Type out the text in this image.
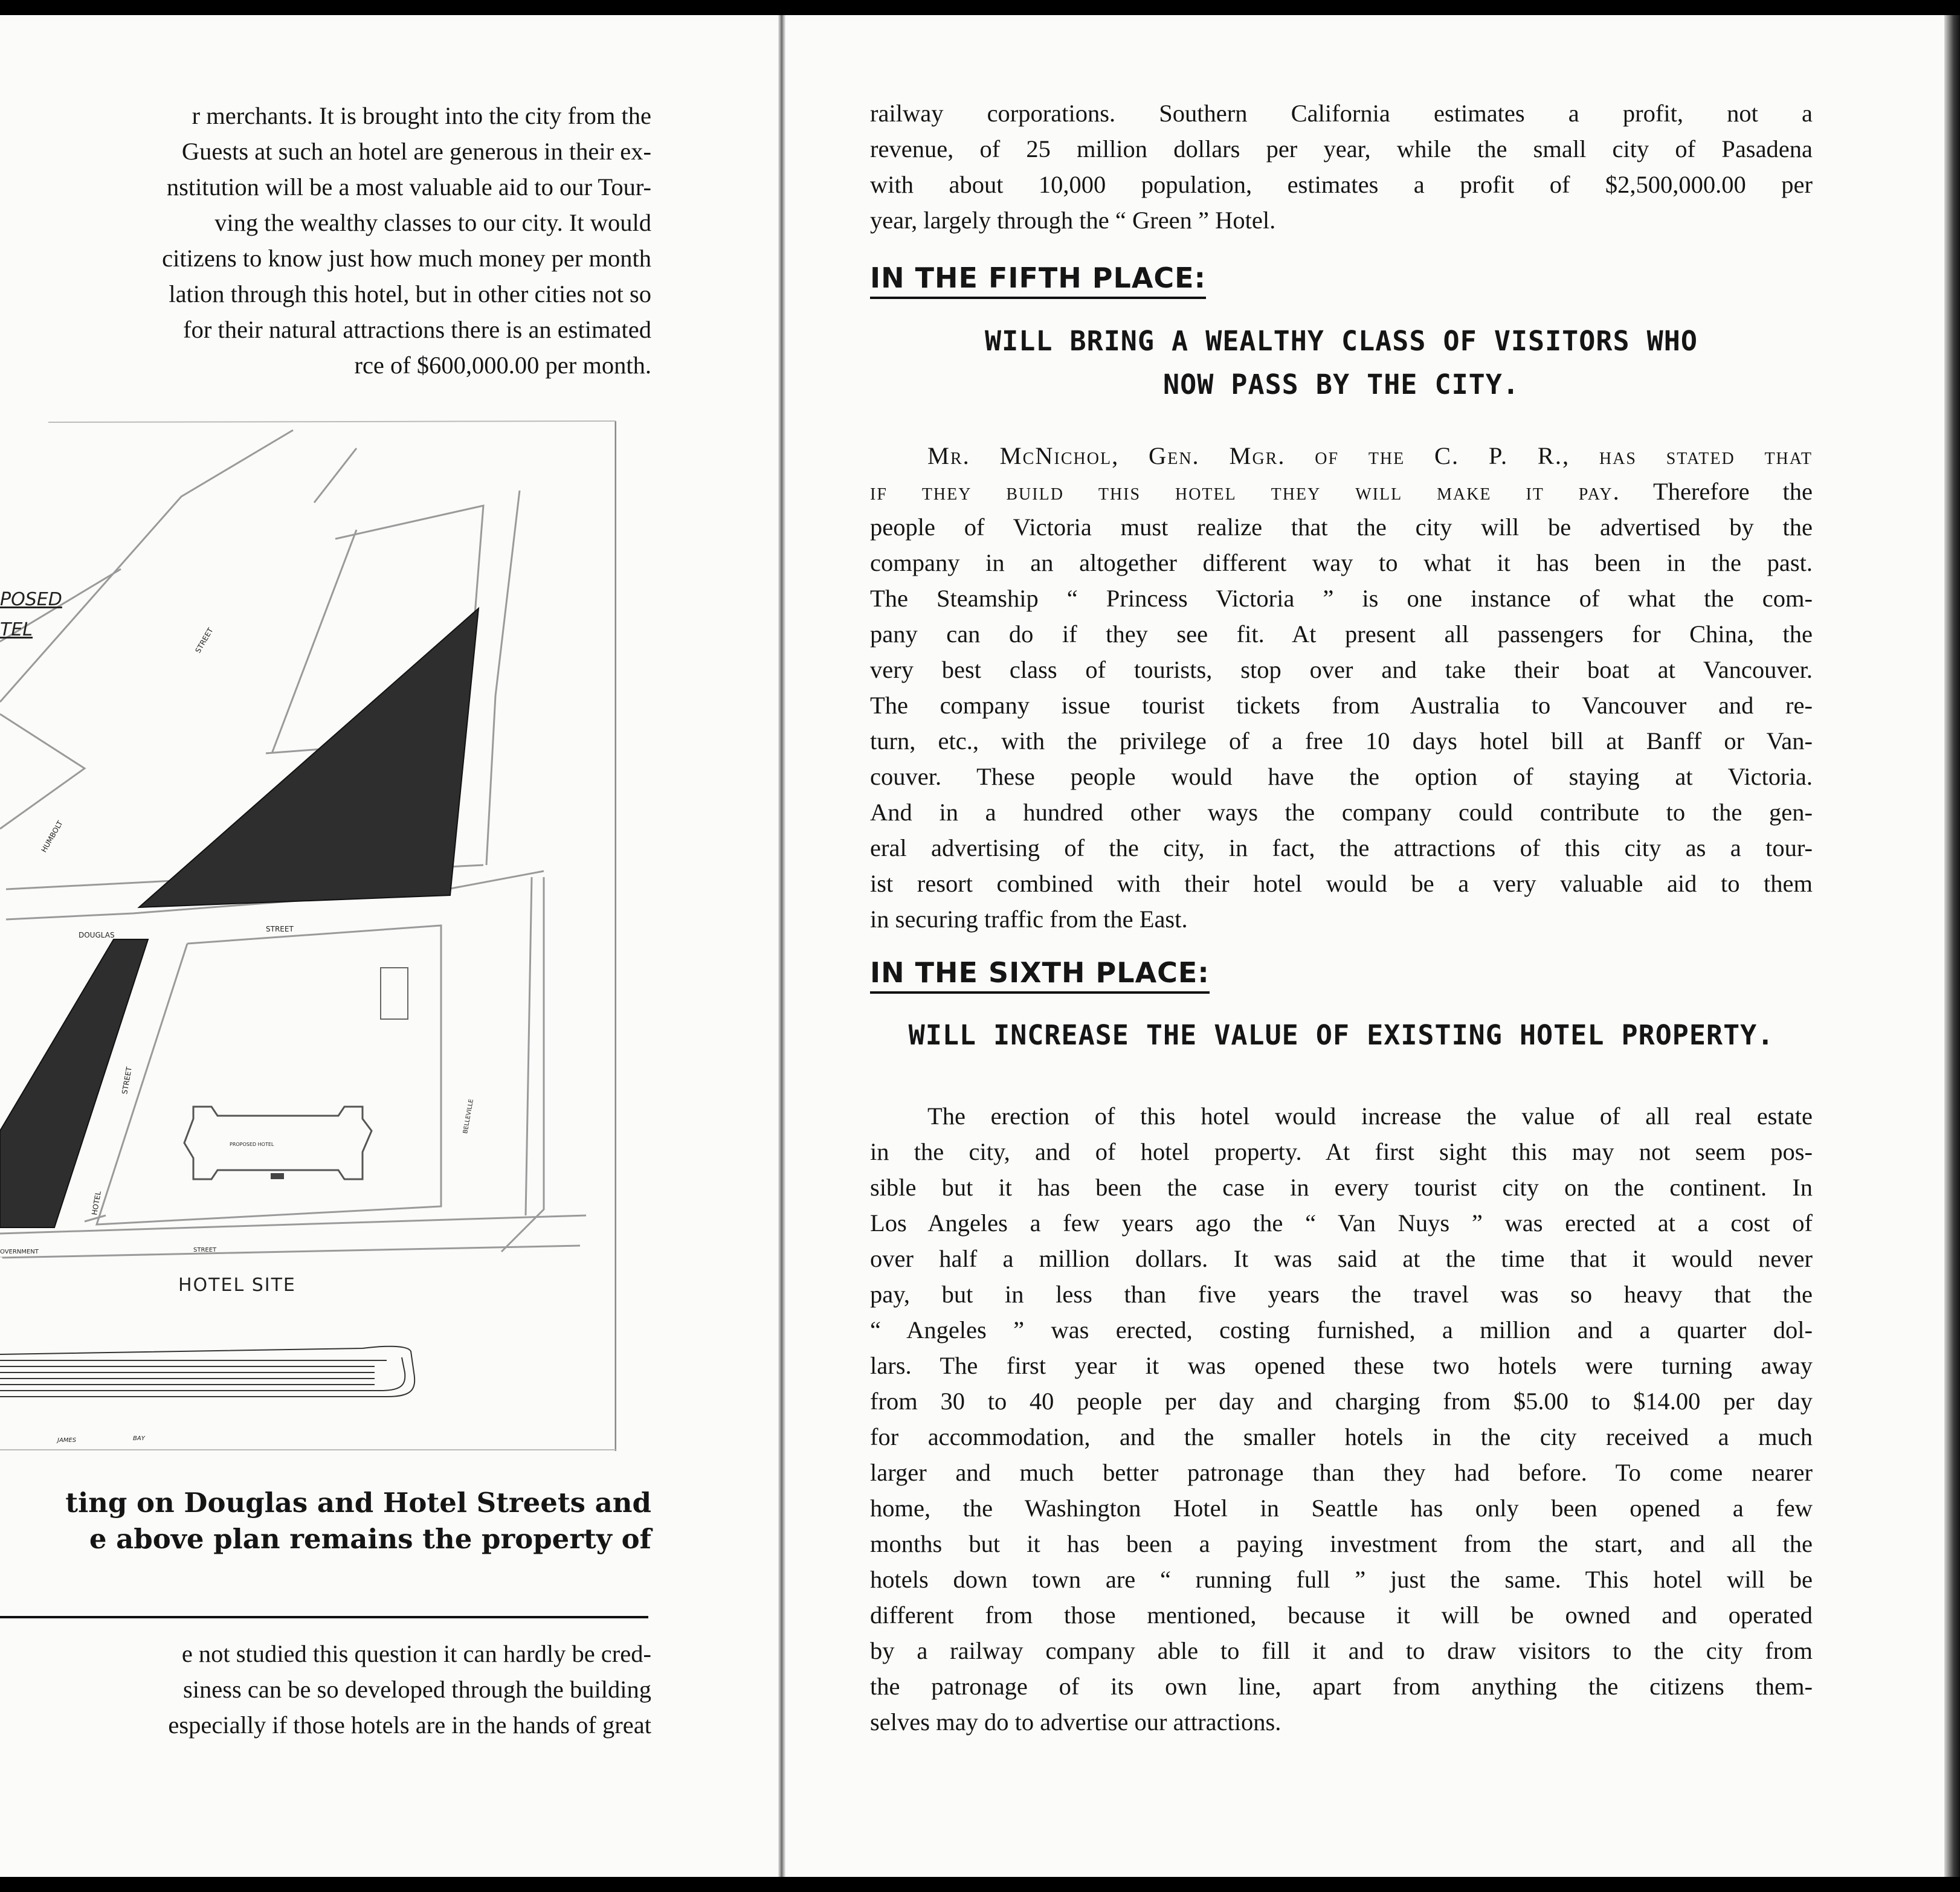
r merchants. It is brought into the city from the
Guests at such an hotel are generous in their ex-
nstitution will be a most valuable aid to our Tour-
ving the wealthy classes to our city. It would
citizens to know just how much money per month
lation through this hotel, but in other cities not so
for their natural attractions there is an estimated
rce of $600,000.00 per month.

POSED
TEL
HOTEL SITE
DOUGLAS
STREET
STREET
STREET
STREET
HOTEL
HUMBOLT
BELLEVILLE
OVERNMENT
JAMES	BAY
PROPOSED HOTEL
ting on Douglas and Hotel Streets and
e above plan remains the property of

e not studied this question it can hardly be cred-
siness can be so developed through the building
especially if those hotels are in the hands of great

railway corporations. Southern California estimates a profit, not a
revenue, of 25 million dollars per year, while the small city of Pasadena
with about 10,000 population, estimates a profit of $2,500,000.00 per
year, largely through the “ Green ” Hotel.
IN THE FIFTH PLACE:
WILL BRING A WEALTHY CLASS OF VISITORS WHO
NOW PASS BY THE CITY.
Mr. McNichol, Gen. Mgr. of the C. P. R., has stated that
if they build this hotel they will make it pay. Therefore the
people of Victoria must realize that the city will be advertised by the
company in an altogether different way to what it has been in the past.
The Steamship “ Princess Victoria ” is one instance of what the com-
pany can do if they see fit. At present all passengers for China, the
very best class of tourists, stop over and take their boat at Vancouver.
The company issue tourist tickets from Australia to Vancouver and re-
turn, etc., with the privilege of a free 10 days hotel bill at Banff or Van-
couver. These people would have the option of staying at Victoria.
And in a hundred other ways the company could contribute to the gen-
eral advertising of the city, in fact, the attractions of this city as a tour-
ist resort combined with their hotel would be a very valuable aid to them
in securing traffic from the East.
IN THE SIXTH PLACE:
WILL INCREASE THE VALUE OF EXISTING HOTEL PROPERTY.
The erection of this hotel would increase the value of all real estate
in the city, and of hotel property. At first sight this may not seem pos-
sible but it has been the case in every tourist city on the continent. In
Los Angeles a few years ago the “ Van Nuys ” was erected at a cost of
over half a million dollars. It was said at the time that it would never
pay, but in less than five years the travel was so heavy that the
“ Angeles ” was erected, costing furnished, a million and a quarter dol-
lars. The first year it was opened these two hotels were turning away
from 30 to 40 people per day and charging from $5.00 to $14.00 per day
for accommodation, and the smaller hotels in the city received a much
larger and much better patronage than they had before. To come nearer
home, the Washington Hotel in Seattle has only been opened a few
months but it has been a paying investment from the start, and all the
hotels down town are “ running full ” just the same. This hotel will be
different from those mentioned, because it will be owned and operated
by a railway company able to fill it and to draw visitors to the city from
the patronage of its own line, apart from anything the citizens them-
selves may do to advertise our attractions.
